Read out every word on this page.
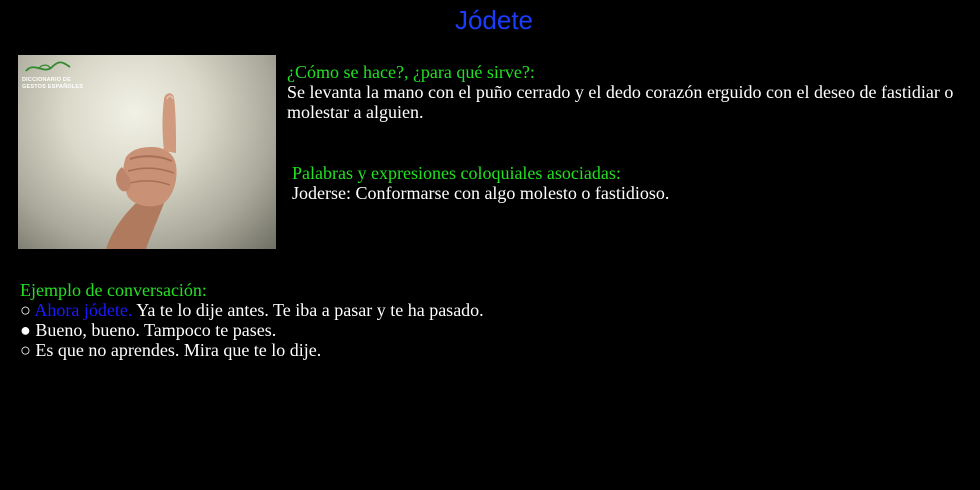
Jódete
DICCIONARIO DE
GESTOS ESPAÑOLES
¿Cómo se hace?, ¿para qué sirve?:
Se levanta la mano con el puño cerrado y el dedo corazón erguido con el deseo de fastidiar o molestar a alguien.
Palabras y expresiones coloquiales asociadas:
Joderse: Conformarse con algo molesto o fastidioso.
Ejemplo de conversación:
○ Ahora jódete. Ya te lo dije antes. Te iba a pasar y te ha pasado.
● Bueno, bueno. Tampoco te pases.
○ Es que no aprendes. Mira que te lo dije.
